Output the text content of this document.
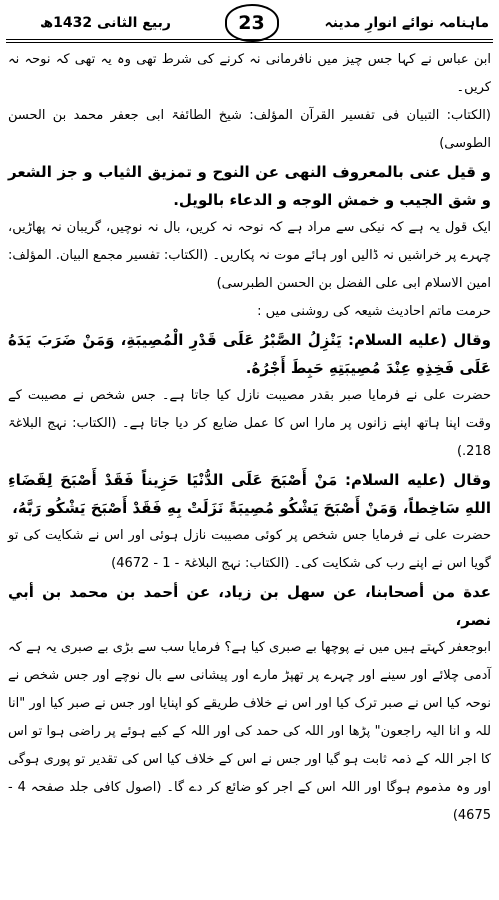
ماہنامہ نوائے انوارِ مدینہ
23
ربیع الثانی 1432ھ

ابن عباس نے کہا جس چیز میں نافرمانی نہ کرنے کی شرط تھی وہ یہ تھی کہ نوحہ نہ کریں۔

(الکتاب: التبیان فی تفسیر القرآن المؤلف: شیخ الطائفۃ ابی جعفر محمد بن الحسن الطوسی)

و قيل عنى بالمعروف النهى عن النوح و تمزيق الثياب و جز الشعر و شق الجيب و خمش الوجه و الدعاء بالويل.

ایک قول یہ ہے کہ نیکی سے مراد ہے کہ نوحہ نہ کریں، بال نہ نوچیں، گریبان نہ پھاڑیں، چہرے پر خراشیں نہ ڈالیں اور ہائے موت نہ پکاریں۔ (الکتاب: تفسیر مجمع البیان. المؤلف: امین الاسلام ابی علی الفضل بن الحسن الطبرسی)

حرمت ماتم احادیث شیعہ کی روشنی میں :

وقال (عليه السلام: يَنْزِلُ الصَّبْرُ عَلَى قَدْرِ الْمُصِيبَةِ، وَمَنْ ضَرَبَ يَدَهُ عَلَى فَخِذِهِ عِنْدَ مُصِيبَتِهِ حَبِطَ أَجْرُهُ.

حضرت علی نے فرمایا صبر بقدر مصیبت نازل کیا جاتا ہے۔ جس شخص نے مصیبت کے وقت اپنا ہاتھ اپنے زانوں پر مارا اس کا عمل ضایع کر دیا جاتا ہے۔ (الکتاب: نہج البلاغۃ 218.)

وقال (عليه السلام: مَنْ أَصْبَحَ عَلَى الدُّنْيَا حَزِيناً فَقَدْ أَصْبَحَ لِقَضَاءِ اللهِ سَاخِطاً، وَمَنْ أَصْبَحَ يَشْكُو مُصِيبَةً نَزَلَتْ بِهِ فَقَدْ أَصْبَحَ يَشْكُو رَبَّهُ،

حضرت علی نے فرمایا جس شخص پر کوئی مصیبت نازل ہوئی اور اس نے شکایت کی تو گویا اس نے اپنے رب کی شکایت کی۔ (الکتاب: نہج البلاغۃ - 1 - 4672)

عدة من أصحابنا، عن سهل بن زياد، عن أحمد بن محمد بن أبي نصر،

ابوجعفر کہتے ہیں میں نے پوچھا بے صبری کیا ہے؟ فرمایا سب سے بڑی بے صبری یہ ہے کہ آدمی چلائے اور سینے اور چہرے پر تھپڑ مارے اور پیشانی سے بال نوچے اور جس شخص نے نوحہ کیا اس نے صبر ترک کیا اور اس نے خلاف طریقے کو اپنایا اور جس نے صبر کیا اور "انا للہ و انا الیہ راجعون" پڑھا اور اللہ کی حمد کی اور اللہ کے کیے ہوئے پر راضی ہوا تو اس کا اجر اللہ کے ذمہ ثابت ہو گیا اور جس نے اس کے خلاف کیا اس کی تقدیر تو پوری ہوگی اور وہ مذموم ہوگا اور اللہ اس کے اجر کو ضائع کر دے گا۔ (اصول کافی جلد صفحہ 4 - 4675)
